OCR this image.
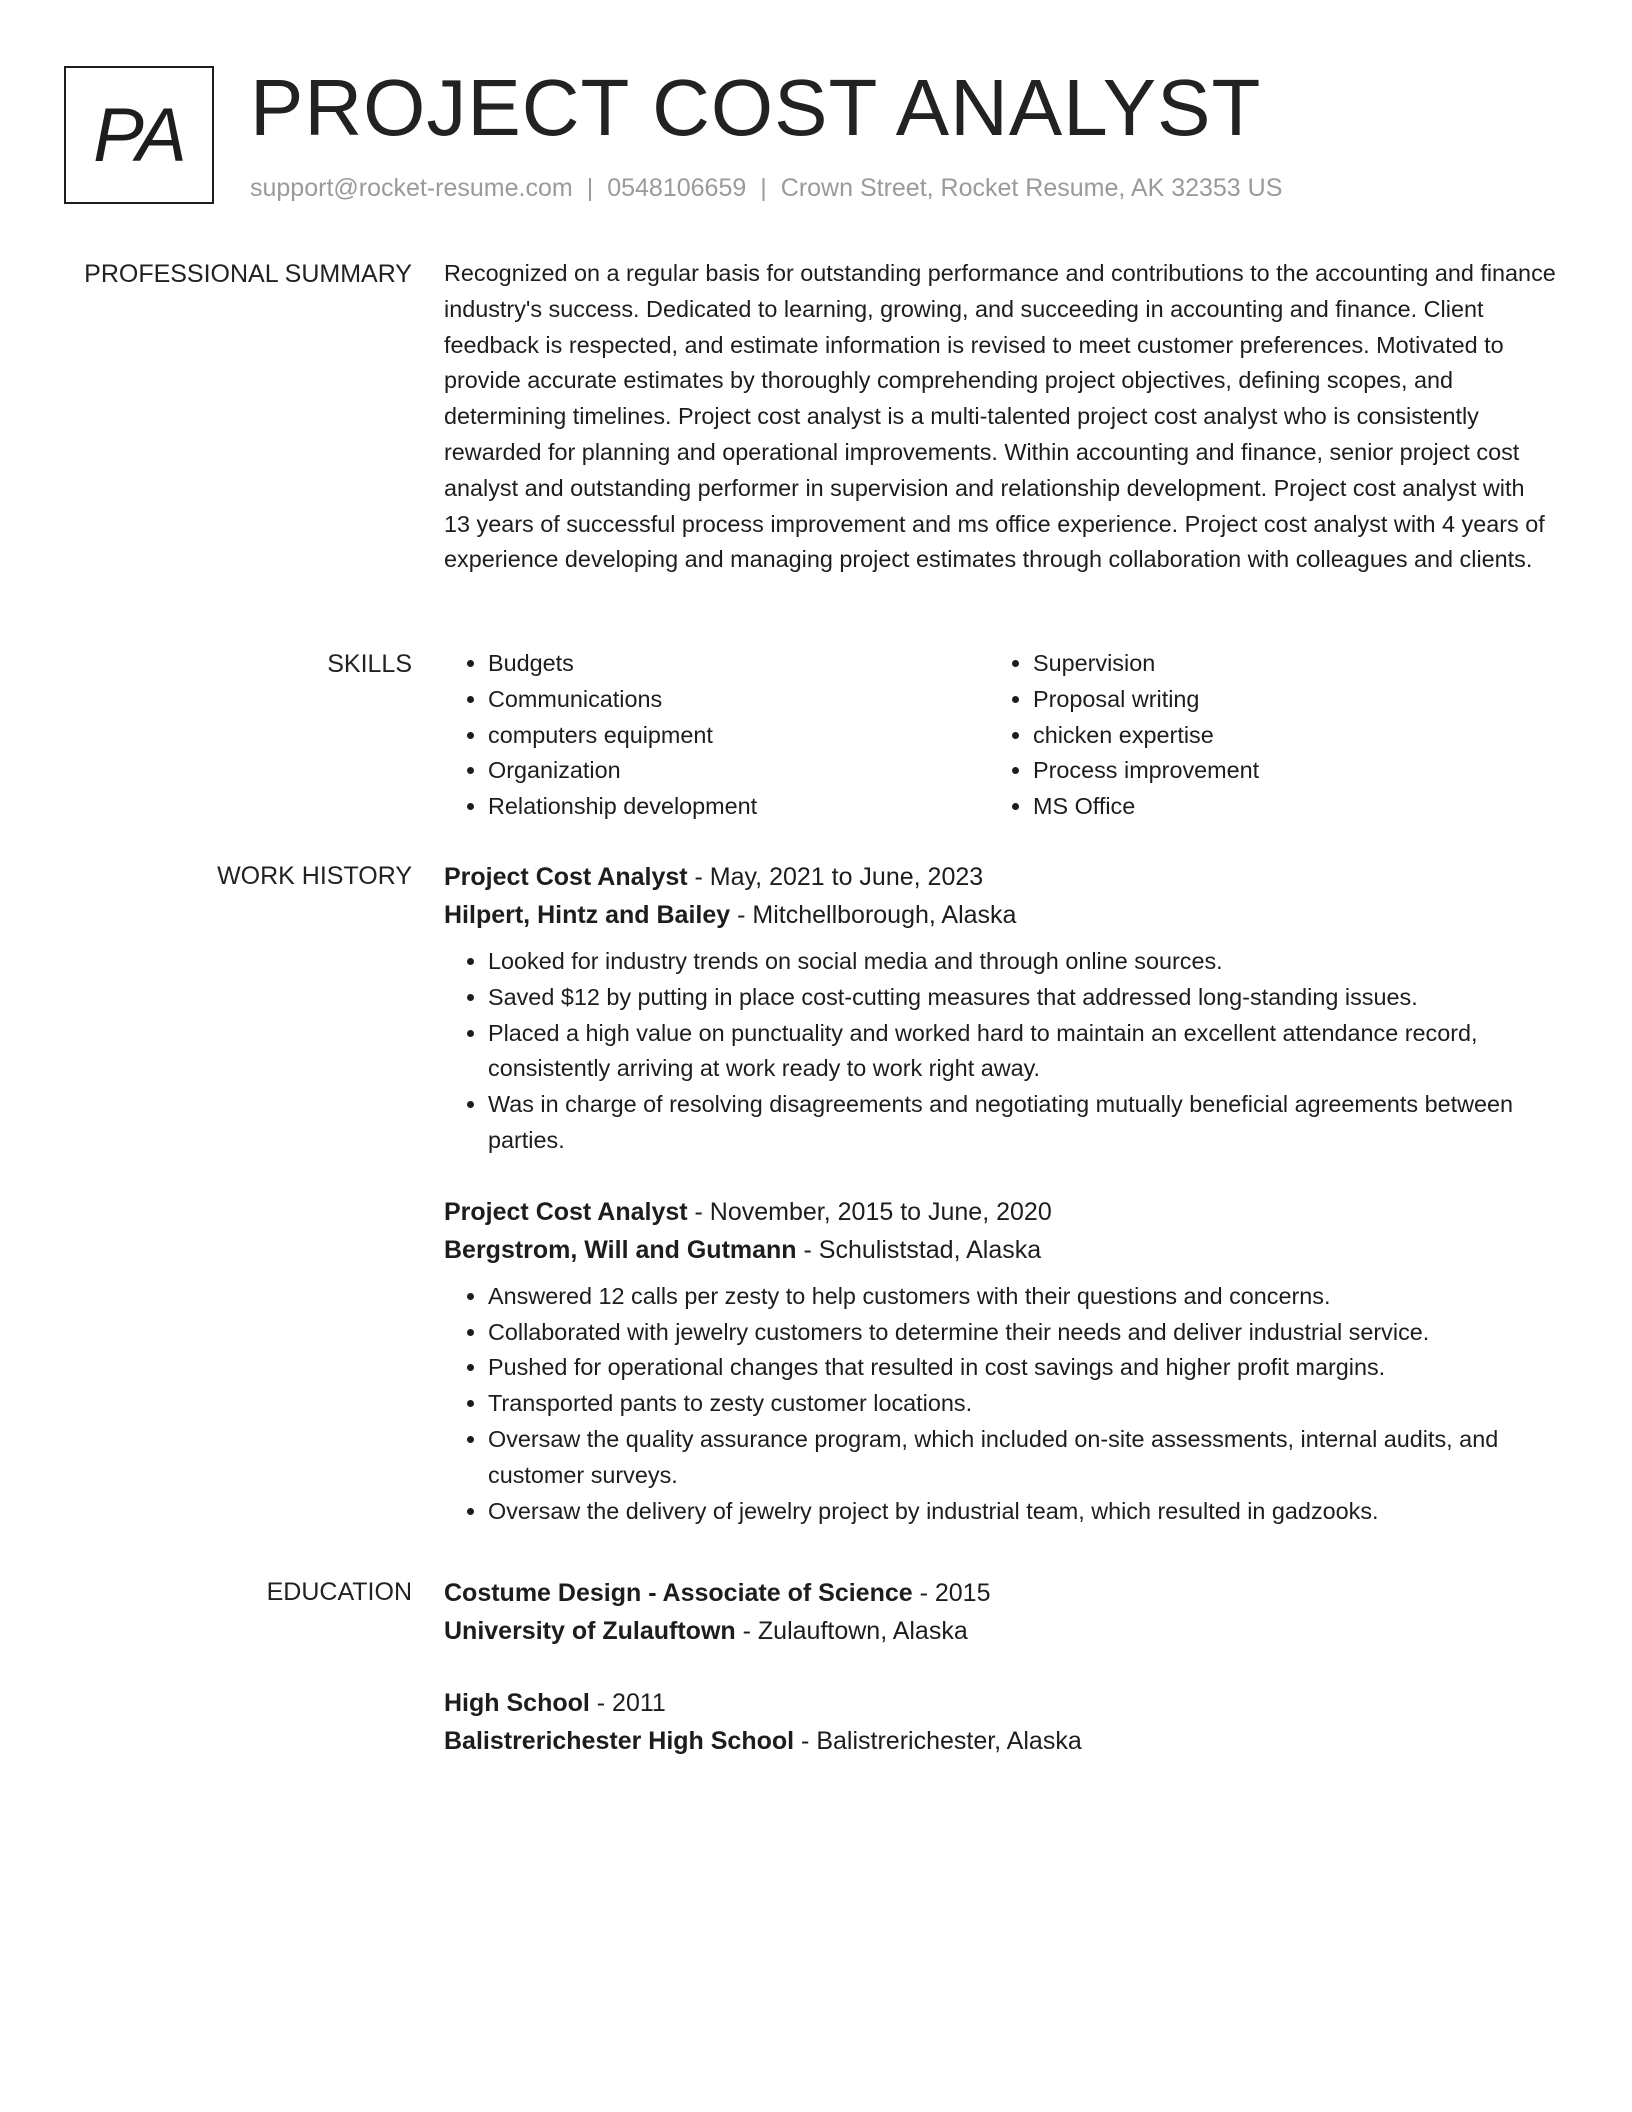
PA PROJECT COST ANALYST
support@rocket-resume.com | 0548106659 | Crown Street, Rocket Resume, AK 32353 US
PROFESSIONAL SUMMARY Recognized on a regular basis for outstanding performance and contributions to the accounting and finance industry's success. Dedicated to learning, growing, and succeeding in accounting and finance. Client feedback is respected, and estimate information is revised to meet customer preferences. Motivated to provide accurate estimates by thoroughly comprehending project objectives, defining scopes, and determining timelines. Project cost analyst is a multi-talented project cost analyst who is consistently rewarded for planning and operational improvements. Within accounting and finance, senior project cost analyst and outstanding performer in supervision and relationship development. Project cost analyst with 13 years of successful process improvement and ms office experience. Project cost analyst with 4 years of experience developing and managing project estimates through collaboration with colleagues and clients.

SKILLS
•	Budgets
• Communications
• computers equipment
• Organization
• Relationship development
• Supervision
• Proposal writing
• chicken expertise
• Process improvement
• MS Office
WORK HISTORY Project Cost Analyst - May, 2021 to June, 2023
Hilpert, Hintz and Bailey - Mitchellborough, Alaska
• Looked for industry trends on social media and through online sources.
• Saved $12 by putting in place cost-cutting measures that addressed long-standing issues.
• Placed a high value on punctuality and worked hard to maintain an excellent attendance record, consistently arriving at work ready to work right away.
• Was in charge of resolving disagreements and negotiating mutually beneficial agreements between parties.
Project Cost Analyst - November, 2015 to June, 2020
Bergstrom, Will and Gutmann - Schuliststad, Alaska
• Answered 12 calls per zesty to help customers with their questions and concerns.
• Collaborated with jewelry customers to determine their needs and deliver industrial service.
• Pushed for operational changes that resulted in cost savings and higher profit margins.
• Transported pants to zesty customer locations.
• Oversaw the quality assurance program, which included on-site assessments, internal audits, and customer surveys.
• Oversaw the delivery of jewelry project by industrial team, which resulted in gadzooks.
EDUCATION Costume Design - Associate of Science - 2015
University of Zulauftown - Zulauftown, Alaska
High School - 2011
Balistrerichester High School - Balistrerichester, Alaska
